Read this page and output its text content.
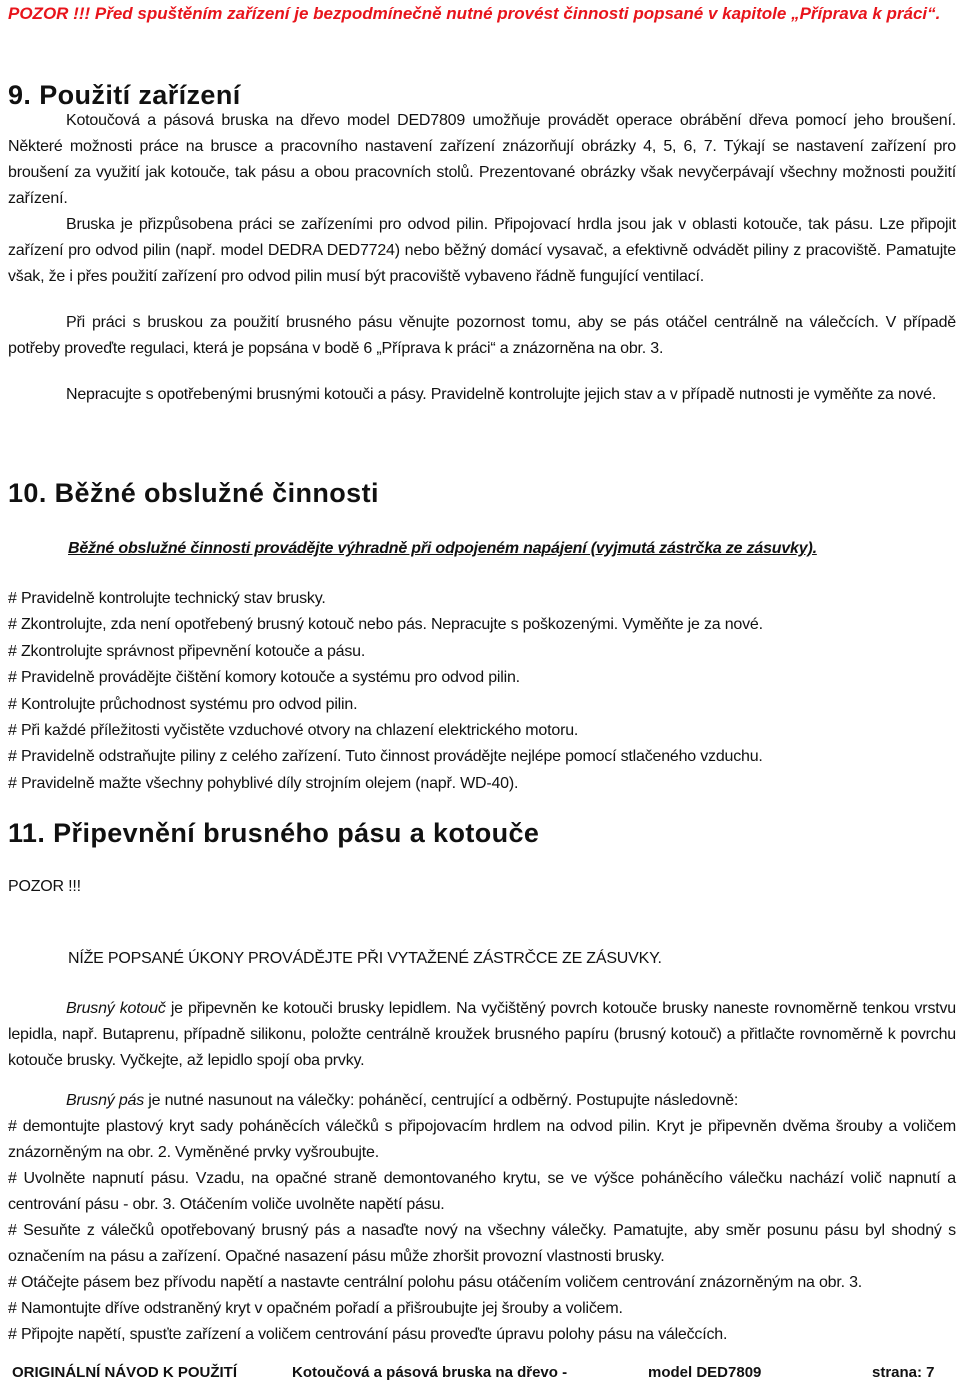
POZOR !!! Před spuštěním zařízení je bezpodmínečně nutné provést činnosti popsané v kapitole „Příprava k práci“.
9. Použití zařízení

Kotoučová a pásová bruska na dřevo model DED7809 umožňuje provádět operace obrábění dřeva pomocí jeho broušení. Některé možnosti práce na brusce a pracovního nastavení zařízení znázorňují obrázky 4, 5, 6, 7. Týkají se nastavení zařízení pro broušení za využití jak kotouče, tak pásu a obou pracovních stolů. Prezentované obrázky však nevyčerpávají všechny možnosti použití zařízení.

Bruska je přizpůsobena práci se zařízeními pro odvod pilin. Připojovací hrdla jsou jak v oblasti kotouče, tak pásu. Lze připojit zařízení pro odvod pilin (např. model DEDRA DED7724) nebo běžný domácí vysavač, a efektivně odvádět piliny z pracoviště. Pamatujte však, že i přes použití zařízení pro odvod pilin musí být pracoviště vybaveno řádně fungující ventilací.

Při práci s bruskou za použití brusného pásu věnujte pozornost tomu, aby se pás otáčel centrálně na válečcích. V případě potřeby proveďte regulaci, která je popsána v bodě 6 „Příprava k práci“ a znázorněna na obr. 3.

Nepracujte s opotřebenými brusnými kotouči a pásy. Pravidelně kontrolujte jejich stav a v případě nutnosti je vyměňte za nové.

10. Běžné obslužné činnosti
Běžné obslužné činnosti provádějte výhradně při odpojeném napájení (vyjmutá zástrčka ze zásuvky).
# Pravidelně kontrolujte technický stav brusky.
# Zkontrolujte, zda není opotřebený brusný kotouč nebo pás. Nepracujte s poškozenými. Vyměňte je za nové.
# Zkontrolujte správnost připevnění kotouče a pásu.
# Pravidelně provádějte čištění komory kotouče a systému pro odvod pilin.
# Kontrolujte průchodnost systému pro odvod pilin.
# Při každé příležitosti vyčistěte vzduchové otvory na chlazení elektrického motoru.
# Pravidelně odstraňujte piliny z celého zařízení. Tuto činnost provádějte nejlépe pomocí stlačeného vzduchu.
# Pravidelně mažte všechny pohyblivé díly strojním olejem (např. WD-40).
11. Připevnění brusného pásu a kotouče
POZOR !!!
NÍŽE POPSANÉ ÚKONY PROVÁDĚJTE PŘI VYTAŽENÉ ZÁSTRČCE ZE ZÁSUVKY.

Brusný kotouč je připevněn ke kotouči brusky lepidlem. Na vyčištěný povrch kotouče brusky naneste rovnoměrně tenkou vrstvu lepidla, např. Butaprenu, případně silikonu, položte centrálně kroužek brusného papíru (brusný kotouč) a přitlačte rovnoměrně k povrchu kotouče brusky. Vyčkejte, až lepidlo spojí oba prvky.

Brusný pás je nutné nasunout na válečky: poháněcí, centrující a odběrný. Postupujte následovně:

# demontujte plastový kryt sady poháněcích válečků s připojovacím hrdlem na odvod pilin. Kryt je připevněn dvěma šrouby a voličem znázorněným na obr. 2. Vyměněné prvky vyšroubujte.

# Uvolněte napnutí pásu. Vzadu, na opačné straně demontovaného krytu, se ve výšce poháněcího válečku nachází volič napnutí a centrování pásu - obr. 3. Otáčením voliče uvolněte napětí pásu.

# Sesuňte z válečků opotřebovaný brusný pás a nasaďte nový na všechny válečky. Pamatujte, aby směr posunu pásu byl shodný s označením na pásu a zařízení. Opačné nasazení pásu může zhoršit provozní vlastnosti brusky.

# Otáčejte pásem bez přívodu napětí a nastavte centrální polohu pásu otáčením voličem centrování znázorněným na obr. 3.

# Namontujte dříve odstraněný kryt v opačném pořadí a přišroubujte jej šrouby a voličem.

# Připojte napětí, spusťte zařízení a voličem centrování pásu proveďte úpravu polohy pásu na válečcích.

ORIGINÁLNÍ NÁVOD K POUŽITÍ	Kotoučová a pásová bruska na dřevo -	model DED7809	strana: 7
